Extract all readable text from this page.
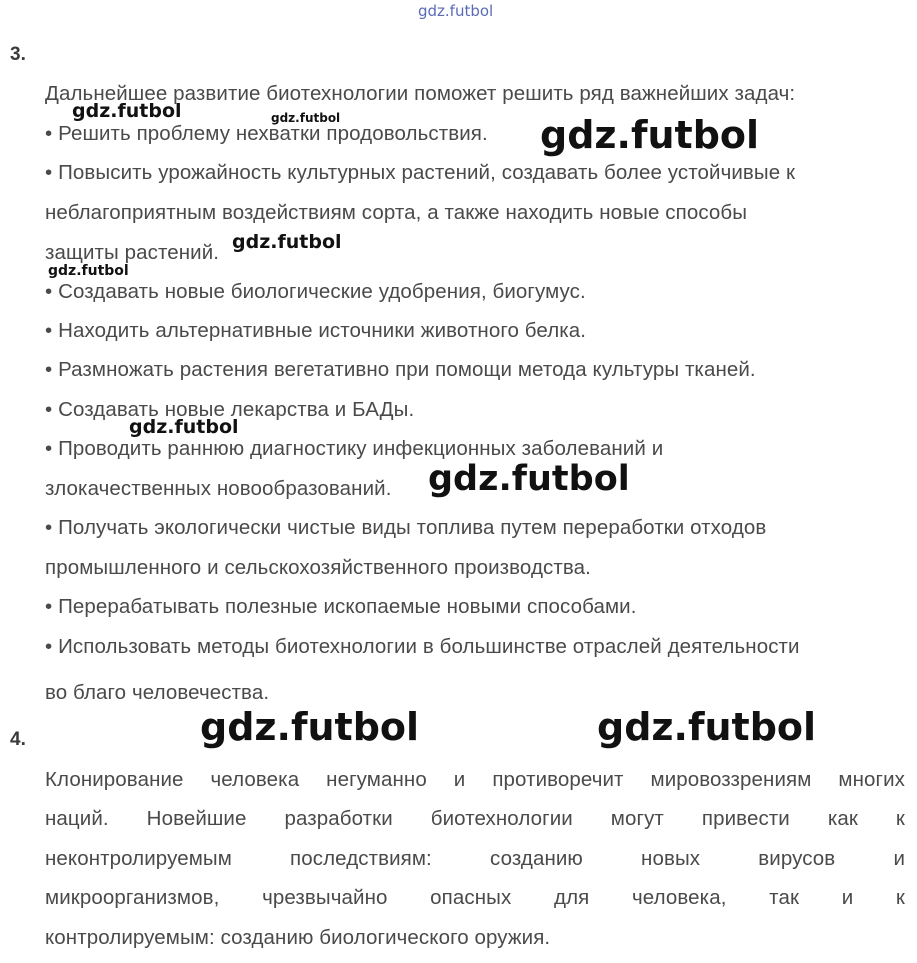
gdz.futbol
3.
Дальнейшее развитие биотехнологии поможет решить ряд важнейших задач:
• Решить проблему нехватки продовольствия.
• Повысить урожайность культурных растений, создавать более устойчивые к
неблагоприятным воздействиям сорта, а также находить новые способы
защиты растений.
• Создавать новые биологические удобрения, биогумус.
• Находить альтернативные источники животного белка.
• Размножать растения вегетативно при помощи метода культуры тканей.
• Создавать новые лекарства и БАДы.
• Проводить раннюю диагностику инфекционных заболеваний и
злокачественных новообразований.
• Получать экологически чистые виды топлива путем переработки отходов
промышленного и сельскохозяйственного производства.
• Перерабатывать полезные ископаемые новыми способами.
• Использовать методы биотехнологии в большинстве отраслей деятельности
во благо человечества.
4.
Клонирование человека негуманно и противоречит мировоззрениям многих
наций. Новейшие разработки биотехнологии могут привести как к
неконтролируемым последствиям: созданию новых вирусов и
микроорганизмов, чрезвычайно опасных для человека, так и к
контролируемым: созданию биологического оружия.
gdz.futbol	gdz.futbol	gdz.futbol
gdz.futbol
gdz.futbol
gdz.futbol
gdz.futbol
gdz.futbol	gdz.futbol
